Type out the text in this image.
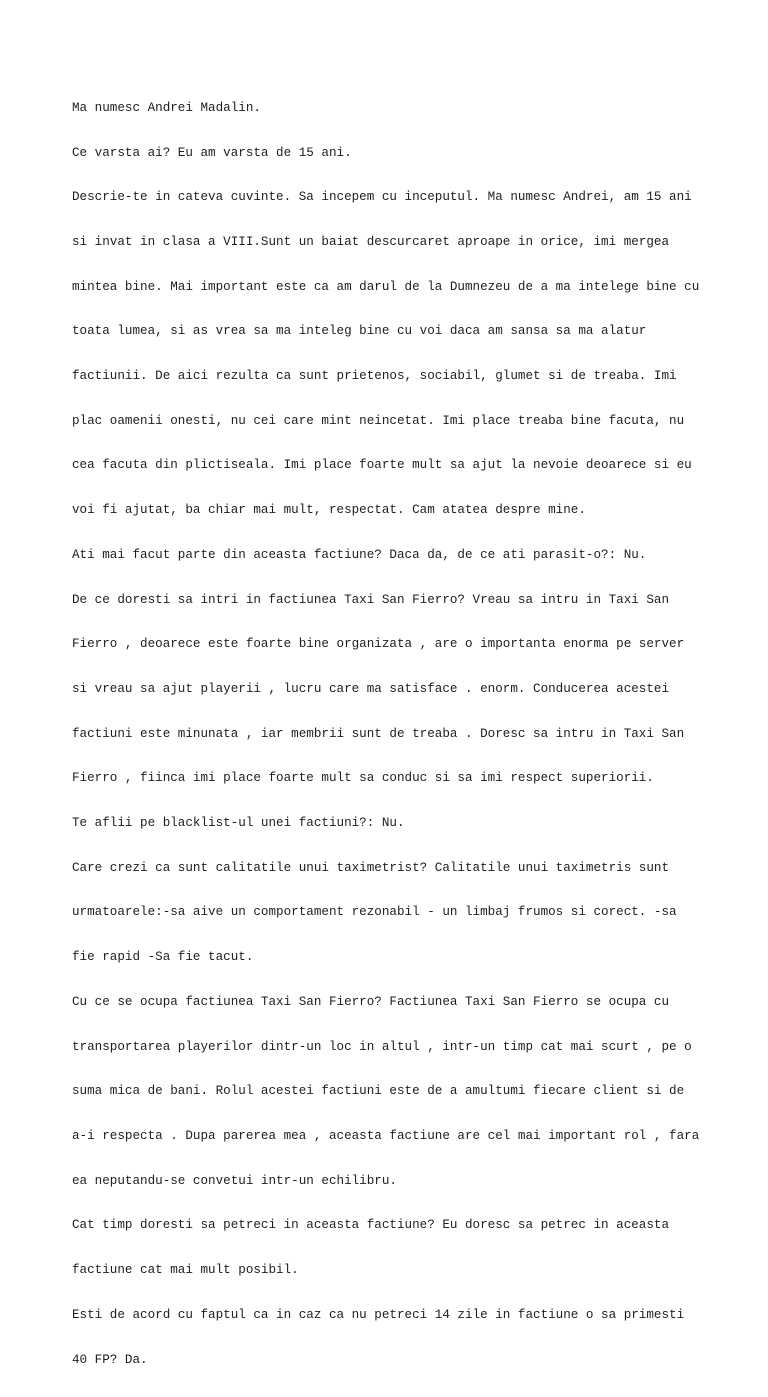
Ma numesc Andrei Madalin.

Ce varsta ai? Eu am varsta de 15 ani.

Descrie-te in cateva cuvinte. Sa incepem cu inceputul. Ma numesc Andrei, am 15 ani

si invat in clasa a VIII.Sunt un baiat descurcaret aproape in orice, imi mergea

mintea bine. Mai important este ca am darul de la Dumnezeu de a ma intelege bine cu

toata lumea, si as vrea sa ma inteleg bine cu voi daca am sansa sa ma alatur

factiunii. De aici rezulta ca sunt prietenos, sociabil, glumet si de treaba. Imi

plac oamenii onesti, nu cei care mint neincetat. Imi place treaba bine facuta, nu

cea facuta din plictiseala. Imi place foarte mult sa ajut la nevoie deoarece si eu

voi fi ajutat, ba chiar mai mult, respectat. Cam atatea despre mine.

Ati mai facut parte din aceasta factiune? Daca da, de ce ati parasit-o?: Nu.

De ce doresti sa intri in factiunea Taxi San Fierro? Vreau sa intru in Taxi San

Fierro , deoarece este foarte bine organizata , are o importanta enorma pe server

si vreau sa ajut playerii , lucru care ma satisface . enorm. Conducerea acestei

factiuni este minunata , iar membrii sunt de treaba . Doresc sa intru in Taxi San

Fierro , fiinca imi place foarte mult sa conduc si sa imi respect superiorii.

Te aflii pe blacklist-ul unei factiuni?: Nu.

Care crezi ca sunt calitatile unui taximetrist? Calitatile unui taximetris sunt

urmatoarele:-sa aive un comportament rezonabil - un limbaj frumos si corect. -sa

fie rapid -Sa fie tacut.

Cu ce se ocupa factiunea Taxi San Fierro? Factiunea Taxi San Fierro se ocupa cu

transportarea playerilor dintr-un loc in altul , intr-un timp cat mai scurt , pe o

suma mica de bani. Rolul acestei factiuni este de a amultumi fiecare client si de

a-i respecta . Dupa parerea mea , aceasta factiune are cel mai important rol , fara

ea neputandu-se convetui intr-un echilibru.

Cat timp doresti sa petreci in aceasta factiune? Eu doresc sa petrec in aceasta

factiune cat mai mult posibil.

Esti de acord cu faptul ca in caz ca nu petreci 14 zile in factiune o sa primesti

40 FP? Da.
